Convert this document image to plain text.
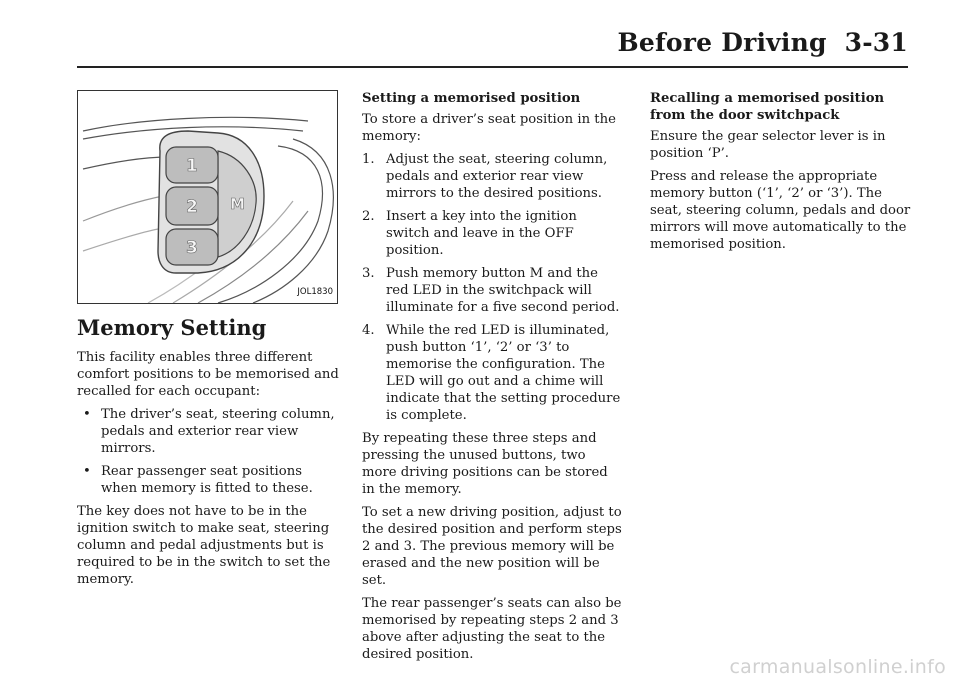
Before Driving 3-31
M
1
2
3
JOL1830
Memory Setting

This facility enables three different comfort positions to be memorised and recalled for each occupant:

• The driver’s seat, steering column, pedals and exterior rear view mirrors.
• Rear passenger seat positions when memory is fitted to these.

The key does not have to be in the ignition switch to make seat, steering column and pedal adjustments but is required to be in the switch to set the memory.

Setting a memorised position

To store a driver’s seat position in the memory:

1. Adjust the seat, steering column, pedals and exterior rear view mirrors to the desired positions.
2. Insert a key into the ignition switch and leave in the OFF position.
3. Push memory button M and the red LED in the switchpack will illuminate for a five second period.
4. While the red LED is illuminated, push button ‘1’, ‘2’ or ‘3’ to memorise the configuration. The LED will go out and a chime will indicate that the setting procedure is complete.

By repeating these three steps and pressing the unused buttons, two more driving positions can be stored in the memory.

To set a new driving position, adjust to the desired position and perform steps 2 and 3. The previous memory will be erased and the new position will be set.

The rear passenger’s seats can also be memorised by repeating steps 2 and 3 above after adjusting the seat to the desired position.

Recalling a memorised position from the door switchpack

Ensure the gear selector lever is in position ‘P’.

Press and release the appropriate memory button (‘1’, ‘2’ or ‘3’). The seat, steering column, pedals and door mirrors will move automatically to the memorised position.

carmanualsonline.info
